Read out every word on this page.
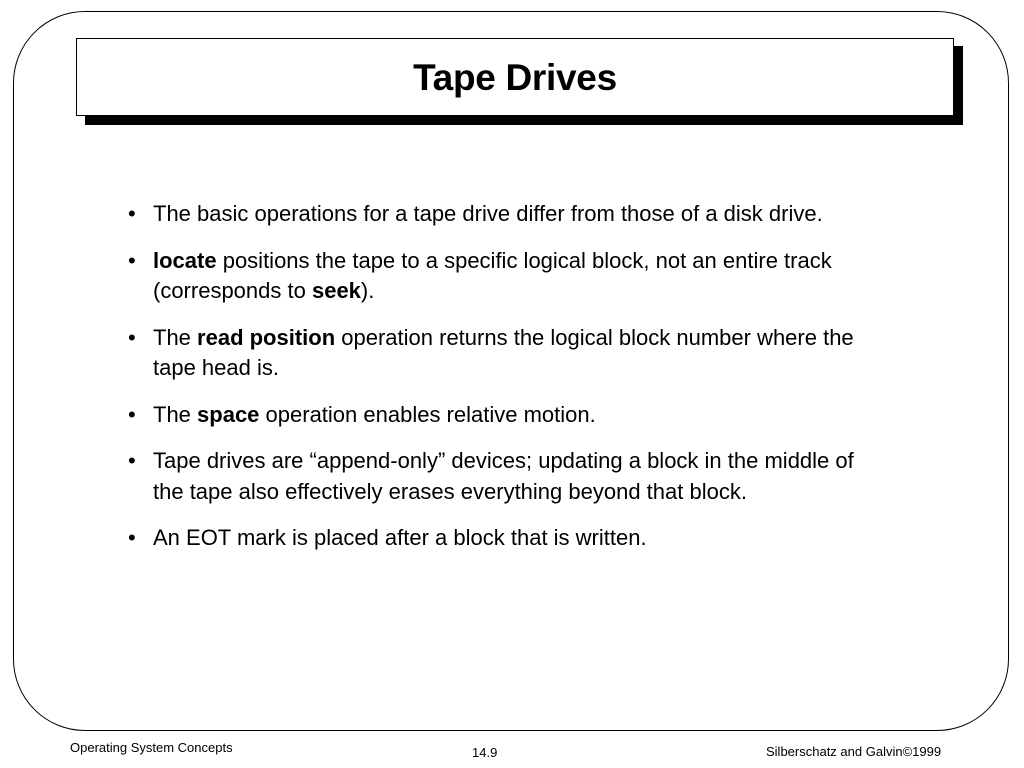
Tape Drives
• The basic operations for a tape drive differ from those of a disk drive.
• locate positions the tape to a specific logical block, not an entire track (corresponds to seek).
• The read position operation returns the logical block number where the tape head is.
• The space operation enables relative motion.
• Tape drives are “append-only” devices; updating a block in the middle of the tape also effectively erases everything beyond that block.
• An EOT mark is placed after a block that is written.
Operating System Concepts	14.9	Silberschatz and Galvin©1999
